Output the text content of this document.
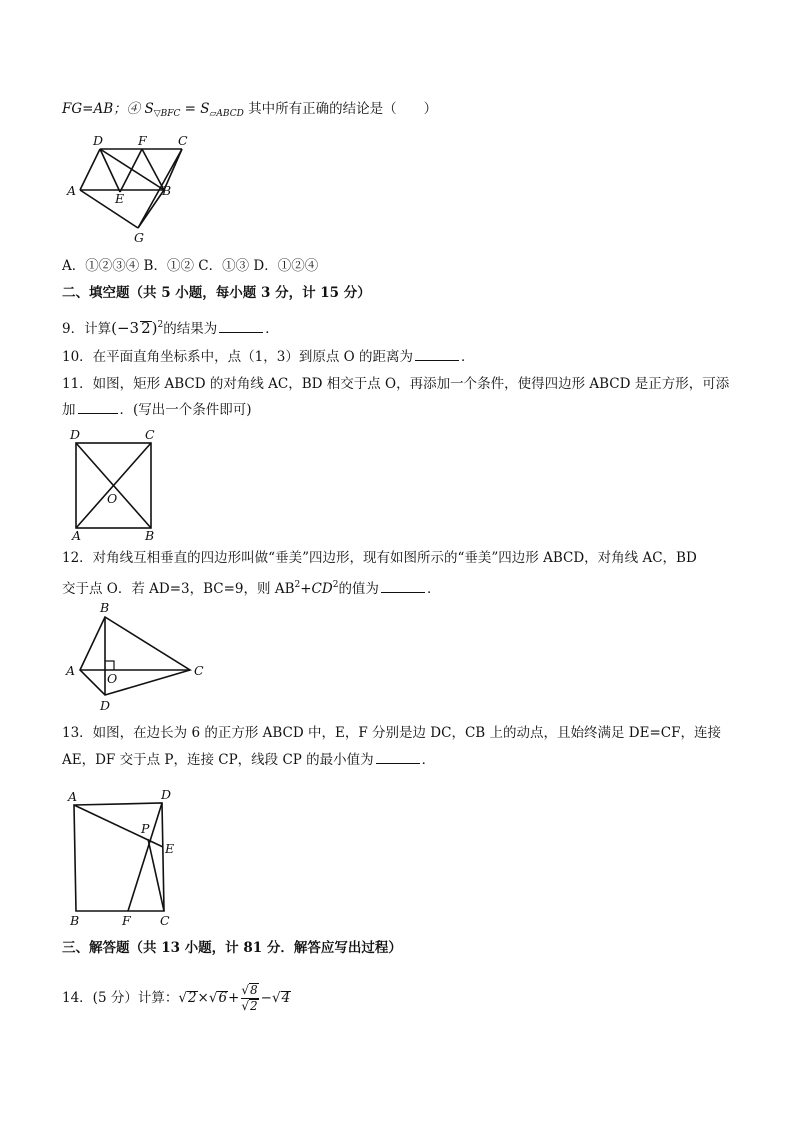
FG=AB；④ $S_{▽BFC} = S_{▱ABCD}$ 其中所有正确的结论是（　　）
D	F	C
A
E
B
G
A．①②③④ B．①② C．①③ D．①②④
二、填空题（共 5 小题，每小题 3 分，计 15 分）
9．计算(−3 2)$^2$的结果为	．
10．在平面直角坐标系中，点（1，3）到原点 O 的距离为	．
11．如图，矩形 ABCD 的对角线 AC，BD 相交于点 O，再添加一个条件，使得四边形 ABCD 是正方形，可添
加	．(写出一个条件即可)
D	C
O
A	B
12．对角线互相垂直的四边形叫做“垂美”四边形，现有如图所示的“垂美”四边形 ABCD，对角线 AC，BD
交于点 O．若 AD=3，BC=9，则 $AB^2+CD^2$的值为	．
B
A
O
C
D
13．如图，在边长为 6 的正方形 ABCD 中，E，F 分别是边 DC，CB 上的动点，且始终满足 DE=CF，连接
AE，DF 交于点 P，连接 CP，线段 CP 的最小值为	．
A	D
P
E
B	F C
三、解答题（共 13 小题，计 81 分．解答应写出过程）
14．(5 分）计算：$√2\times√6+ \frac{√8}{√2} -√4$
